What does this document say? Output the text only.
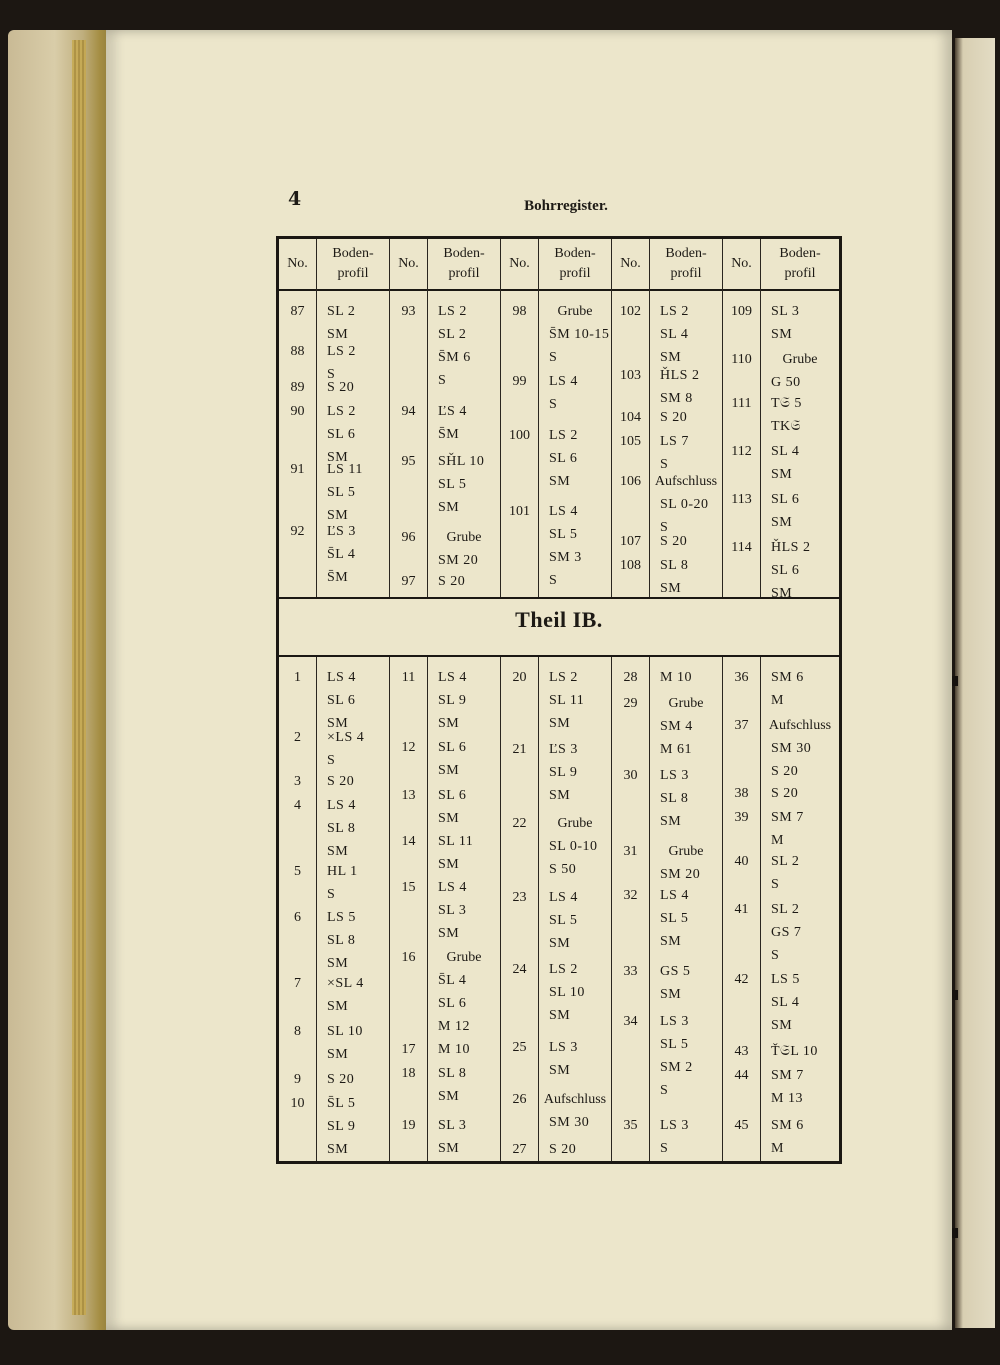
4	Bohrregister.
No.
87
88
89
90
91
92
Boden-
profil
SL 2
SM
LS 2
S
S 20
LS 2
SL 6
SM
LS 11
SL 5
SM
ĽS 3
S̄L 4
S̄M
No.
93
94
95
96
97
Boden-
profil
LS 2
SL 2
S̄M 6
S
ĽS 4
S̄M
SȞL 10
SL 5
SM
Grube
SM 20
S 20
No.
98
99
100
101
Boden-
profil
Grube
S̄M 10-15
S
LS 4
S
LS 2
SL 6
SM
LS 4
SL 5
SM 3
S
No.
102
103
104
105
106
107
108
Boden-
profil
LS 2
SL 4
SM
ȞLS 2
SM 8
S 20
LS 7
S
Aufschluss
SL 0-20
S
S 20
SL 8
SM
No.
109
110
111
112
113
114
Boden-
profil
SL 3
SM
Grube
G 50
T𝔖 5
TK𝔖
SL 4
SM
SL 6
SM
ȞLS 2
SL 6
SM
Theil IB.
1
2
3
4
5
6
7
8
9
10
LS 4
SL 6
SM
×LS 4
S
S 20
LS 4
SL 8
SM
HL 1
S
LS 5
SL 8
SM
×SL 4
SM
SL 10
SM
S 20
S̄L 5
SL 9
SM
11
12
13
14
15
16
17
18
19
LS 4
SL 9
SM
SL 6
SM
SL 6
SM
SL 11
SM
LS 4
SL 3
SM
Grube
S̄L 4
SL 6
M 12
M 10
SL 8
SM
SL 3
SM
20
21
22
23
24
25
26
27
LS 2
SL 11
SM
ĽS 3
SL 9
SM
Grube
SL 0-10
S 50
LS 4
SL 5
SM
LS 2
SL 10
SM
LS 3
SM
Aufschluss
SM 30
S 20
28
29
30
31
32
33
34
35
M 10
Grube
SM 4
M 61
LS 3
SL 8
SM
Grube
SM 20
LS 4
SL 5
SM
GS 5
SM
LS 3
SL 5
SM 2
S
LS 3
S
36
37
38
39
40
41
42
43
44
45
SM 6
M
Aufschluss
SM 30
S 20
S 20
SM 7
M
SL 2
S
SL 2
GS 7
S
LS 5
SL 4
SM
Ť𝔖L 10
SM 7
M 13
SM 6
M
